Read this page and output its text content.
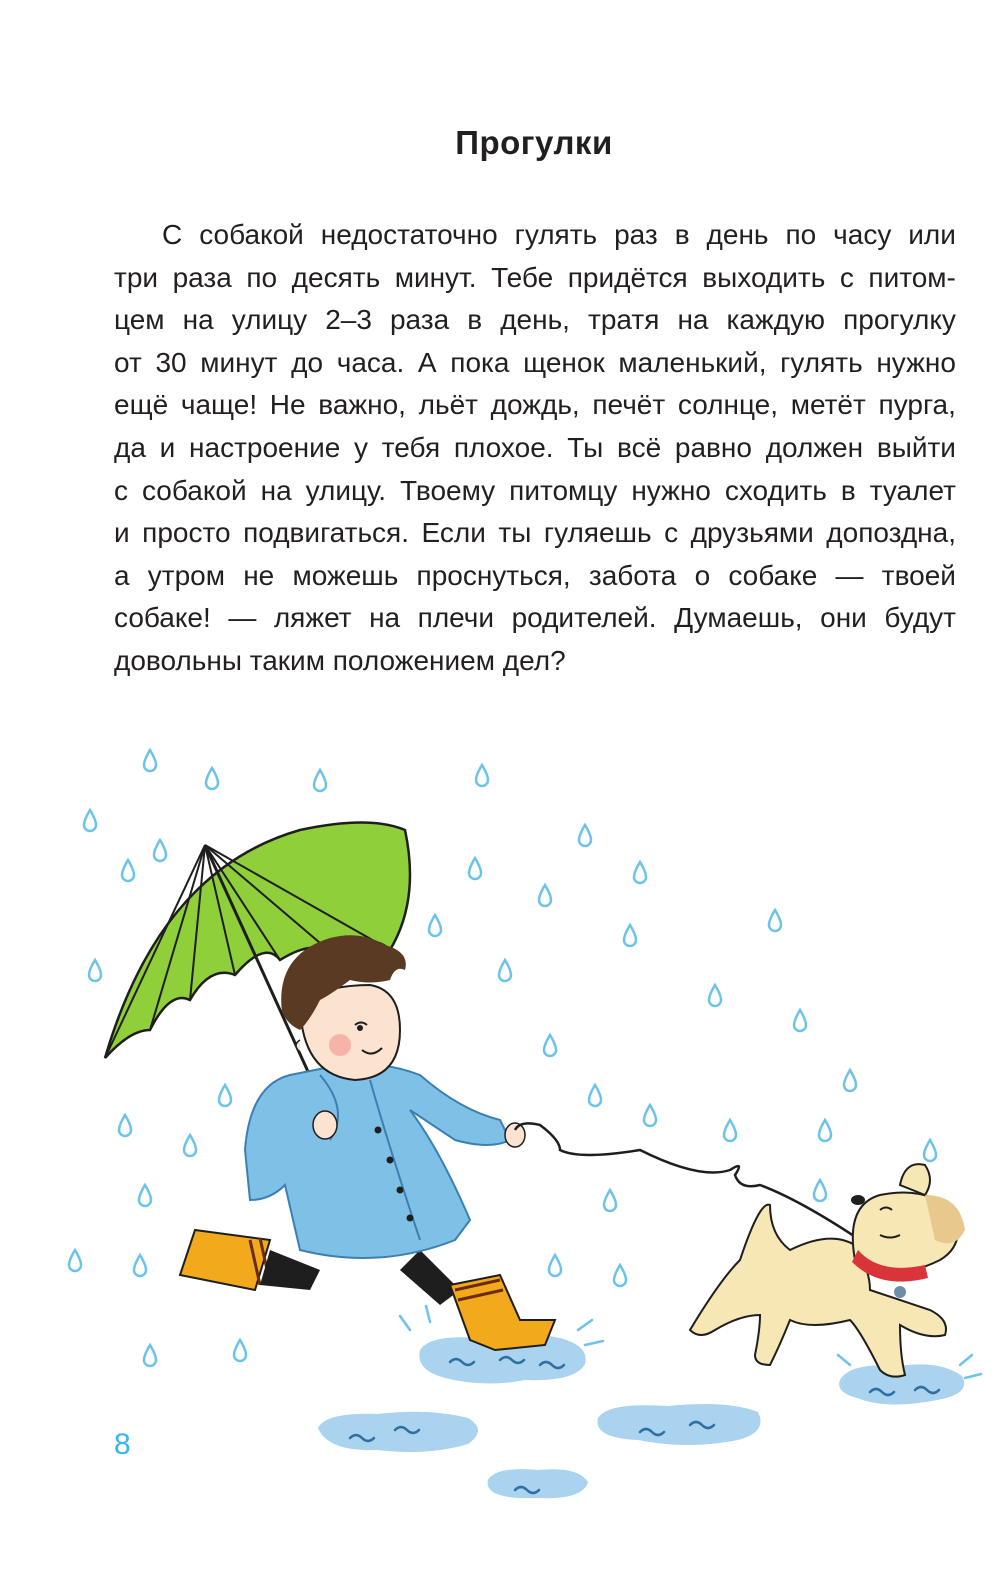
Прогулки
С собакой недостаточно гулять раз в день по часу или
три раза по десять минут. Тебе придётся выходить с питом-
цем на улицу 2–3 раза в день, тратя на каждую прогулку
от 30 минут до часа. А пока щенок маленький, гулять нужно
ещё чаще! Не важно, льёт дождь, печёт солнце, метёт пурга,
да и настроение у тебя плохое. Ты всё равно должен выйти
с собакой на улицу. Твоему питомцу нужно сходить в туалет
и просто подвигаться. Если ты гуляешь с друзьями допоздна,
а утром не можешь проснуться, забота о собаке — твоей
собаке! — ляжет на плечи родителей. Думаешь, они будут
довольны таким положением дел?
8
